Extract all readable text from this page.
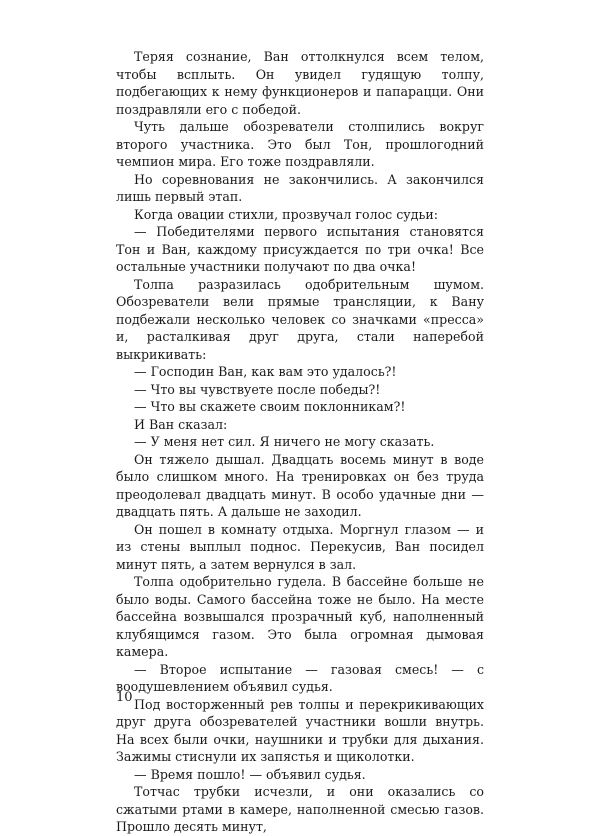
Теряя сознание, Ван оттолкнулся всем телом, чтобы всплыть. Он увидел гудящую толпу, подбегающих к нему функционеров и папарацци. Они поздравляли его с победой.

Чуть дальше обозреватели столпились вокруг второго участника. Это был Тон, прошлогодний чемпион мира. Его тоже поздравляли.

Но соревнования не закончились. А закончился лишь первый этап.

Когда овации стихли, прозвучал голос судьи:

— Победителями первого испытания становятся Тон и Ван, каждому присуждается по три очка! Все остальные участники получают по два очка!

Толпа разразилась одобрительным шумом. Обозреватели вели прямые трансляции, к Вану подбежали несколько человек со значками «пресса» и, расталкивая друг друга, стали наперебой выкрикивать:

— Господин Ван, как вам это удалось?!

— Что вы чувствуете после победы?!

— Что вы скажете своим поклонникам?!

И Ван сказал:

— У меня нет сил. Я ничего не могу сказать.

Он тяжело дышал. Двадцать восемь минут в воде было слишком много. На тренировках он без труда преодолевал двадцать минут. В особо удачные дни — двадцать пять. А дальше не заходил.

Он пошел в комнату отдыха. Моргнул глазом — и из стены выплыл поднос. Перекусив, Ван посидел минут пять, а затем вернулся в зал.

Толпа одобрительно гудела. В бассейне больше не было воды. Самого бассейна тоже не было. На месте бассейна возвышался прозрачный куб, наполненный клубящимся газом. Это была огромная дымовая камера.

— Второе испытание — газовая смесь! — с воодушевлением объявил судья.

Под восторженный рев толпы и перекрикивающих друг друга обозревателей участники вошли внутрь. На всех были очки, наушники и трубки для дыхания. Зажимы стиснули их запястья и щиколотки.

— Время пошло! — объявил судья.

Тотчас трубки исчезли, и они оказались со сжатыми ртами в камере, наполненной смесью газов. Прошло десять минут,

10
